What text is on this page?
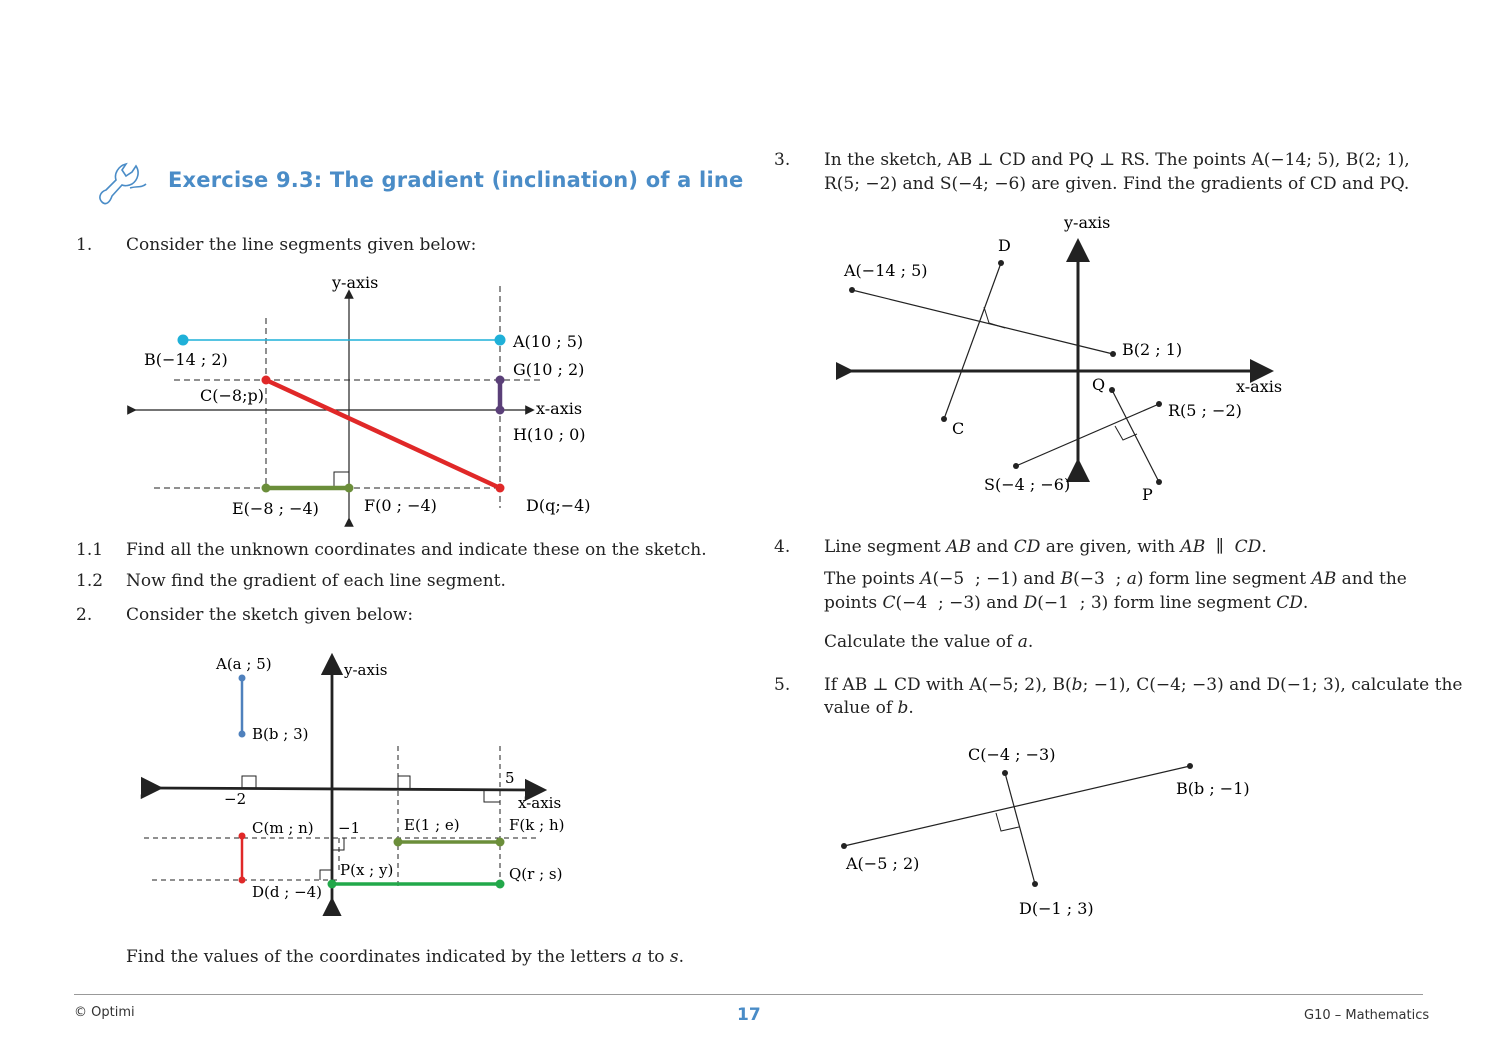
Exercise 9.3: The gradient (inclination) of a line
1. Consider the line segments given below:
y-axis
x-axis
A(10 ; 5)
B(−14 ; 2)
C(−8;p)
D(q;−4)
E(−8 ; −4)	F(0 ; −4)
G(10 ; 2)
H(10 ; 0)
1.1 Find all the unknown coordinates and indicate these on the sketch.
1.2 Now find the gradient of each line segment.
2. Consider the sketch given below:
y-axis
x-axis
A(a ; 5)
B(b ; 3)
C(m ; n)
D(d ; −4)
E(1 ; e)	F(k ; h)
P(x ; y)	Q(r ; s)
−2
−1
5
Find the values of the coordinates indicated by the letters a to s.
3. In the sketch, AB ⊥ CD and PQ ⊥ RS. The points A(−14; 5), B(2; 1),
R(5; −2) and S(−4; −6) are given. Find the gradients of CD and PQ.
y-axis
x-axis
A(−14 ; 5)
B(2 ; 1)
C
D
P
Q
R(5 ; −2)
S(−4 ; −6)
4. Line segment AB and CD are given, with AB  ∥  CD.
The points A(−5  ; −1) and B(−3  ; a) form line segment AB and the
points C(−4  ; −3) and D(−1  ; 3) form line segment CD.
Calculate the value of a.
5. If AB ⊥ CD with A(−5; 2), B(b; −1), C(−4; −3) and D(−1; 3), calculate the
value of b.
C(−4 ; −3)
B(b ; −1)
A(−5 ; 2)
D(−1 ; 3)
© Optimi	17	G10 – Mathematics
